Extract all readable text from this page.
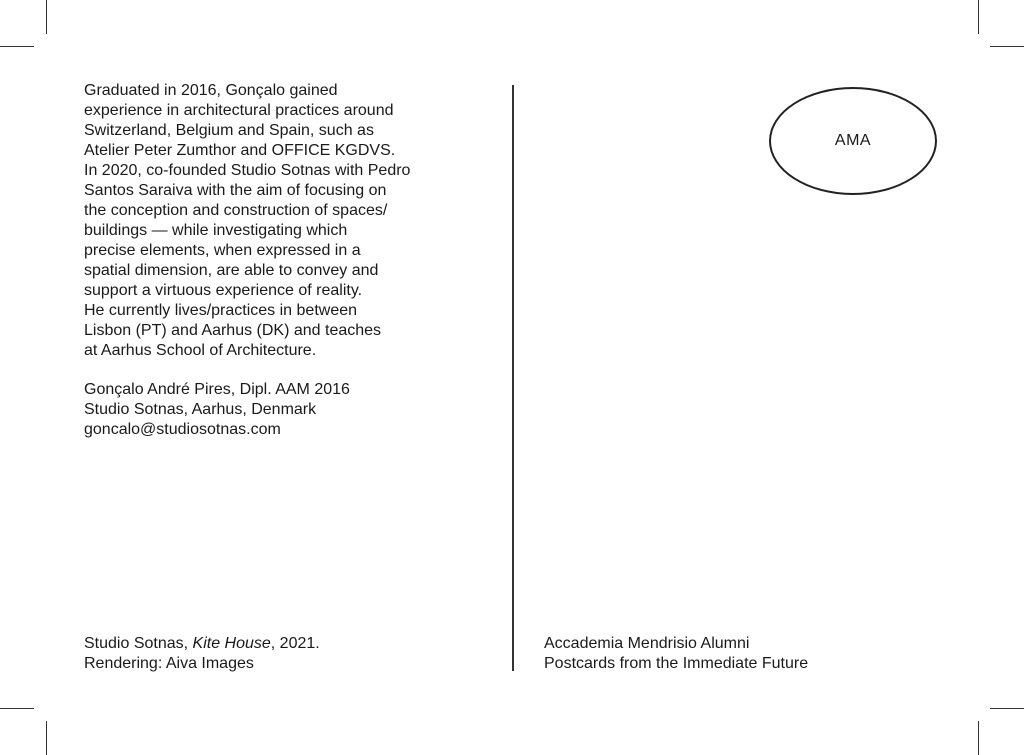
Graduated in 2016, Gonçalo gained
experience in architectural practices around
Switzerland, Belgium and Spain, such as
Atelier Peter Zumthor and OFFICE KGDVS.
In 2020, co-founded Studio Sotnas with Pedro
Santos Saraiva with the aim of focusing on
the conception and construction of spaces/
buildings — while investigating which
precise elements, when expressed in a
spatial dimension, are able to convey and
support a virtuous experience of reality.
He currently lives/practices in between
Lisbon (PT) and Aarhus (DK) and teaches
at Aarhus School of Architecture.
Gonçalo André Pires, Dipl. AAM 2016
Studio Sotnas, Aarhus, Denmark
goncalo@studiosotnas.com
Studio Sotnas, Kite House, 2021.
Rendering: Aiva Images
AMA
Accademia Mendrisio Alumni
Postcards from the Immediate Future
